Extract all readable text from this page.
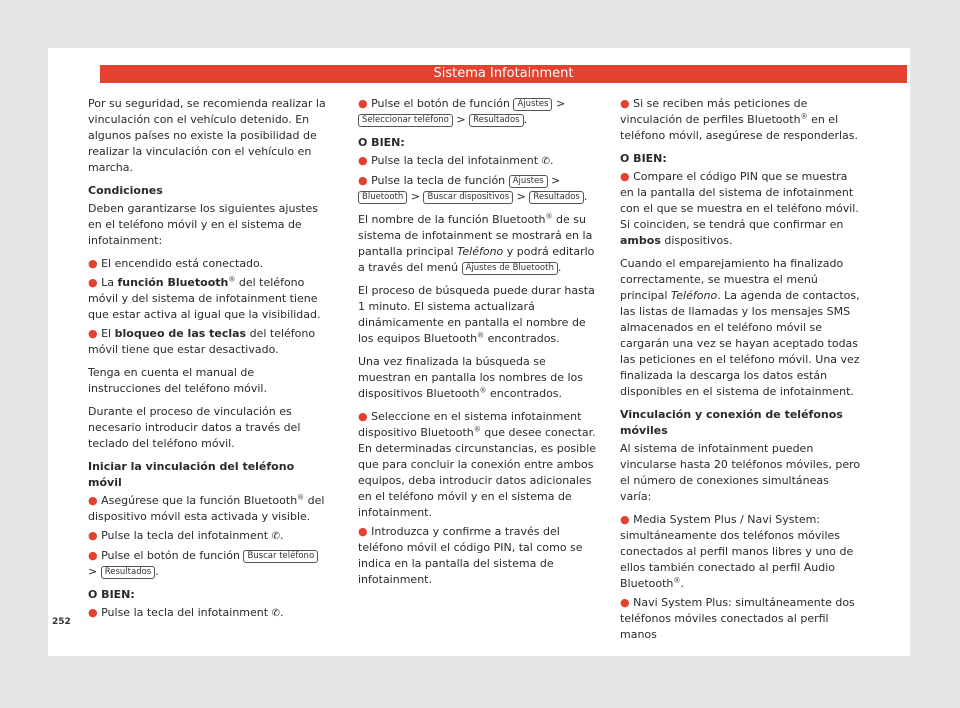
Sistema Infotainment

Por su seguridad, se recomienda realizar la vinculación con el vehículo detenido. En algunos países no existe la posibilidad de realizar la vinculación con el vehículo en marcha.

Condiciones

Deben garantizarse los siguientes ajustes en el teléfono móvil y en el sistema de infotainment:

● El encendido está conectado.

● La función Bluetooth® del teléfono móvil y del sistema de infotainment tiene que estar activa al igual que la visibilidad.

● El bloqueo de las teclas del teléfono móvil tiene que estar desactivado.

Tenga en cuenta el manual de instrucciones del teléfono móvil.

Durante el proceso de vinculación es necesario introducir datos a través del teclado del teléfono móvil.

Iniciar la vinculación del teléfono móvil

● Asegúrese que la función Bluetooth® del dispositivo móvil esta activada y visible.

● Pulse la tecla del infotainment ✆.

● Pulse el botón de función Buscar teléfono > Resultados .

O BIEN:

● Pulse la tecla del infotainment ✆.

● Pulse el botón de función Ajustes > Seleccionar teléfono > Resultados .

O BIEN:

● Pulse la tecla del infotainment ✆.

● Pulse la tecla de función Ajustes > Bluetooth > Buscar dispositivos > Resultados .

El nombre de la función Bluetooth® de su sistema de infotainment se mostrará en la pantalla principal Teléfono y podrá editarlo a través del menú Ajustes de Bluetooth .

El proceso de búsqueda puede durar hasta 1 minuto. El sistema actualizará dinámicamente en pantalla el nombre de los equipos Bluetooth® encontrados.

Una vez finalizada la búsqueda se muestran en pantalla los nombres de los dispositivos Bluetooth® encontrados.

● Seleccione en el sistema infotainment dispositivo Bluetooth® que desee conectar. En determinadas circunstancias, es posible que para concluir la conexión entre ambos equipos, deba introducir datos adicionales en el teléfono móvil y en el sistema de infotainment.

● Introduzca y confirme a través del teléfono móvil el código PIN, tal como se indica en la pantalla del sistema de infotainment.

● Si se reciben más peticiones de vinculación de perfiles Bluetooth® en el teléfono móvil, asegúrese de responderlas.

O BIEN:

● Compare el código PIN que se muestra en la pantalla del sistema de infotainment con el que se muestra en el teléfono móvil. Si coinciden, se tendrá que confirmar en ambos dispositivos.

Cuando el emparejamiento ha finalizado correctamente, se muestra el menú principal Teléfono. La agenda de contactos, las listas de llamadas y los mensajes SMS almacenados en el teléfono móvil se cargarán una vez se hayan aceptado todas las peticiones en el teléfono móvil. Una vez finalizada la descarga los datos están disponibles en el sistema de infotainment.

Vinculación y conexión de teléfonos móviles

Al sistema de infotainment pueden vincularse hasta 20 teléfonos móviles, pero el número de conexiones simultáneas varía:

● Media System Plus / Navi System: simultáneamente dos teléfonos móviles conectados al perfil manos libres y uno de ellos también conectado al perfil Audio Bluetooth®.

● Navi System Plus: simultáneamente dos teléfonos móviles conectados al perfil manos

252
